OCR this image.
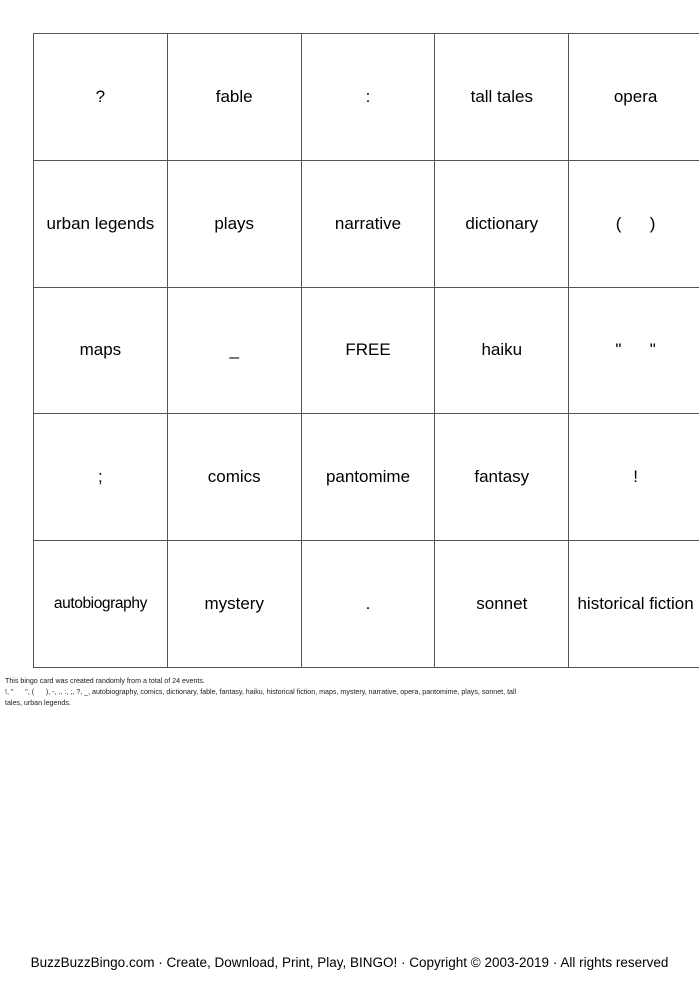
?	fable	:	tall tales	opera
urban legends	plays	narrative	dictionary	(      )
maps	_	FREE	haiku	"      "
;	comics	pantomime	fantasy	!
autobiography	mystery	.	sonnet	historical fiction
This bingo card was created randomly from a total of 24 events.
!, "      ", (      ), -, ., :, ;, ?, _, autobiography, comics, dictionary, fable, fantasy, haiku, historical fiction, maps, mystery, narrative, opera, pantomime, plays, sonnet, tall
tales, urban legends.
BuzzBuzzBingo.com · Create, Download, Print, Play, BINGO! · Copyright © 2003-2019 · All rights reserved
